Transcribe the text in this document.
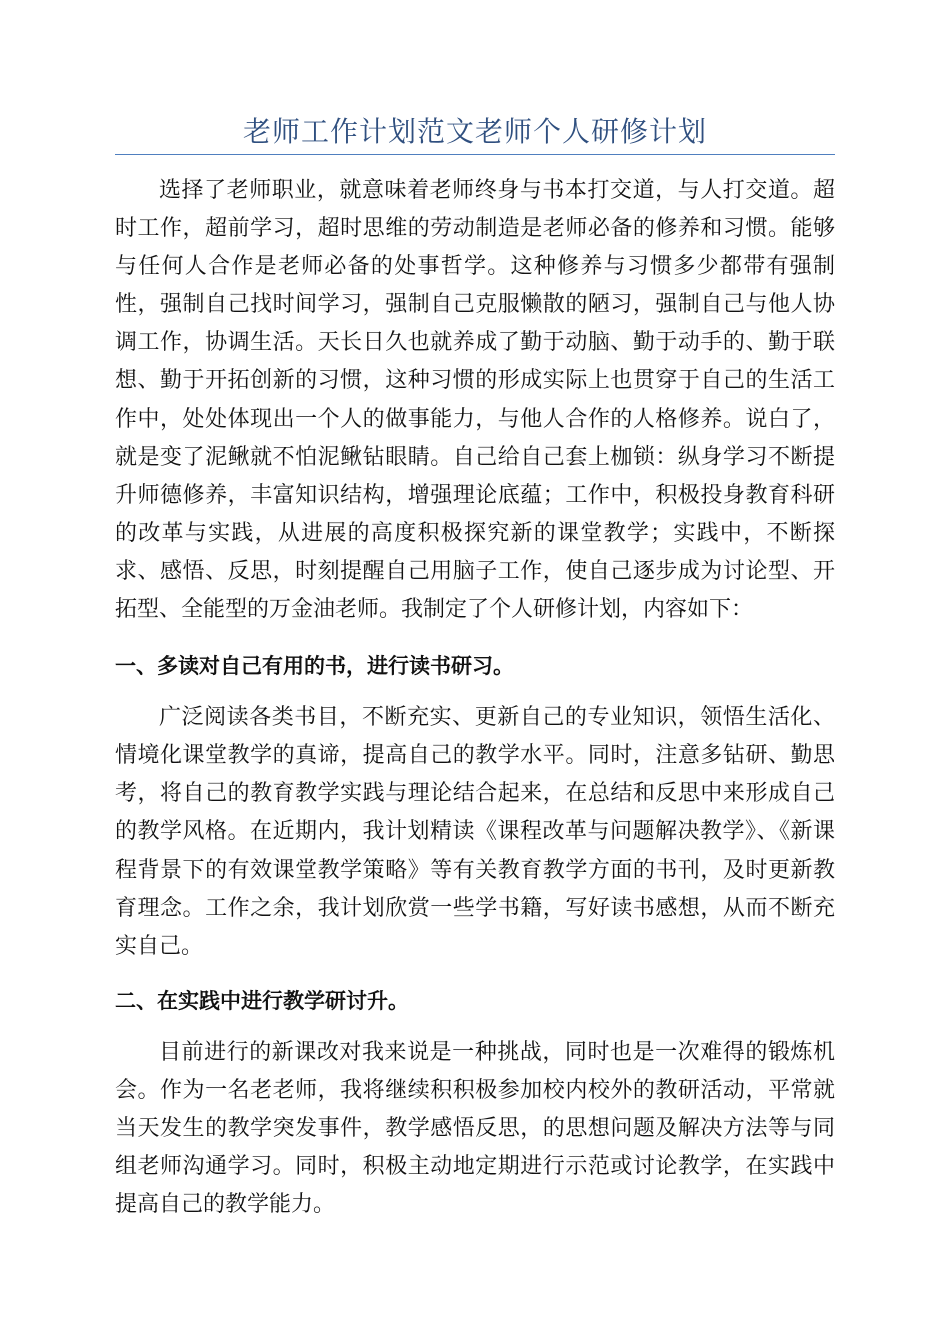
老师工作计划范文老师个人研修计划

选择了老师职业，就意味着老师终身与书本打交道，与人打交道。超时工作，超前学习，超时思维的劳动制造是老师必备的修养和习惯。能够与任何人合作是老师必备的处事哲学。这种修养与习惯多少都带有强制性，强制自己找时间学习，强制自己克服懒散的陋习，强制自己与他人协调工作，协调生活。天长日久也就养成了勤于动脑、勤于动手的、勤于联想、勤于开拓创新的习惯，这种习惯的形成实际上也贯穿于自己的生活工作中，处处体现出一个人的做事能力，与他人合作的人格修养。说白了，就是变了泥鳅就不怕泥鳅钻眼睛。自己给自己套上枷锁：纵身学习不断提升师德修养，丰富知识结构，增强理论底蕴；工作中，积极投身教育科研的改革与实践，从进展的高度积极探究新的课堂教学；实践中，不断探求、感悟、反思，时刻提醒自己用脑子工作，使自己逐步成为讨论型、开拓型、全能型的万金油老师。我制定了个人研修计划，内容如下：

一、多读对自己有用的书，进行读书研习。

广泛阅读各类书目，不断充实、更新自己的专业知识，领悟生活化、情境化课堂教学的真谛，提高自己的教学水平。同时，注意多钻研、勤思考，将自己的教育教学实践与理论结合起来，在总结和反思中来形成自己的教学风格。在近期内，我计划精读《课程改革与问题解决教学》、《新课程背景下的有效课堂教学策略》等有关教育教学方面的书刊，及时更新教育理念。工作之余，我计划欣赏一些学书籍，写好读书感想，从而不断充实自己。

二、在实践中进行教学研讨升。

目前进行的新课改对我来说是一种挑战，同时也是一次难得的锻炼机会。作为一名老老师，我将继续积积极参加校内校外的教研活动，平常就当天发生的教学突发事件，教学感悟反思，的思想问题及解决方法等与同组老师沟通学习。同时，积极主动地定期进行示范或讨论教学，在实践中提高自己的教学能力。
